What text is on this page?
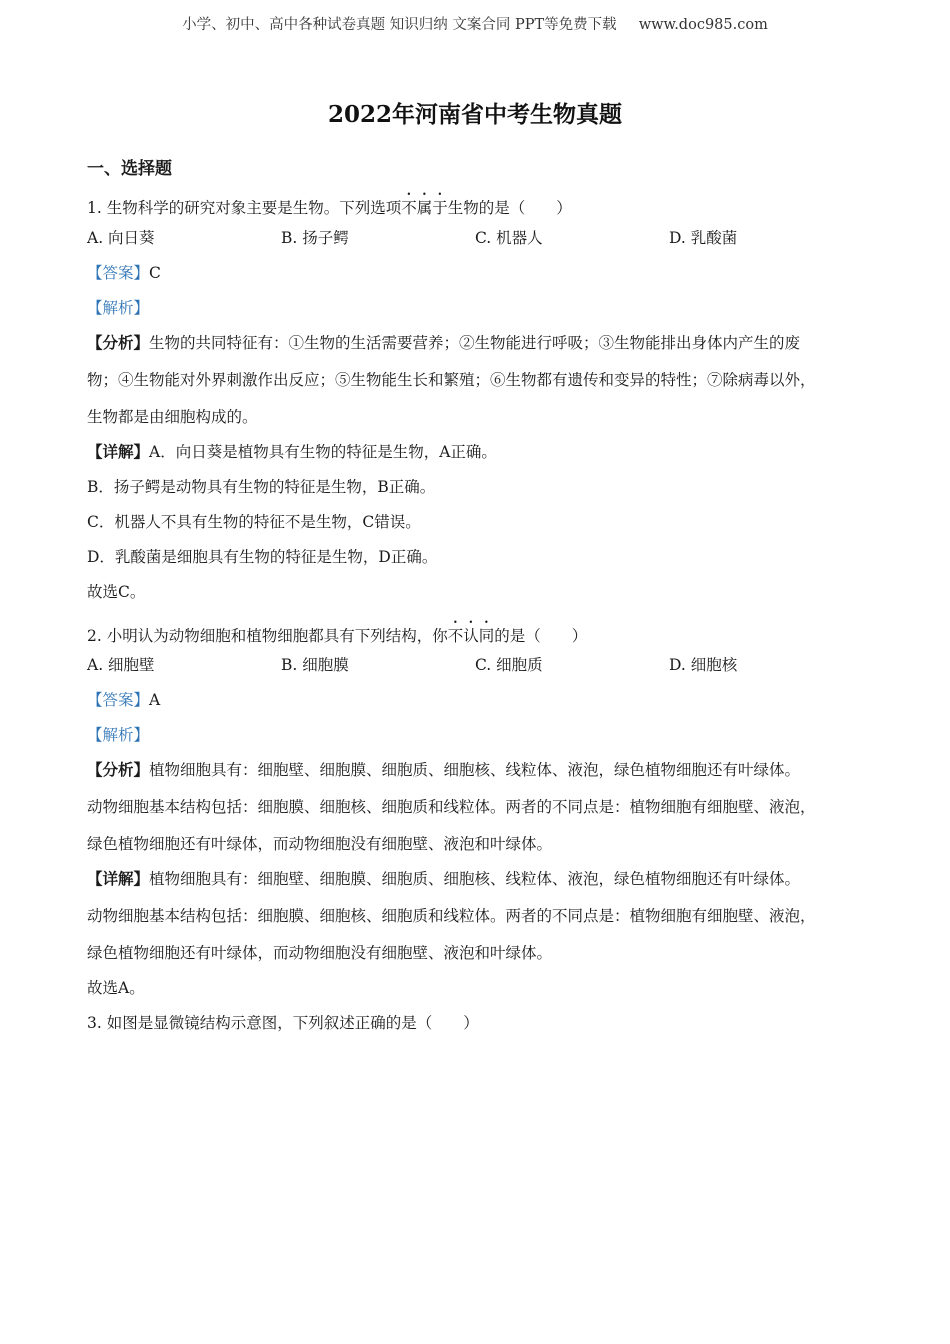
小学、初中、高中各种试卷真题 知识归纳 文案合同 PPT等免费下载 www.doc985.com
2022年河南省中考生物真题
一、选择题
1. 生物科学的研究对象主要是生物。下列选项不属于生物的是（　　）
A. 向日葵	B. 扬子鳄	C. 机器人	D. 乳酸菌
【答案】C
【解析】
【分析】生物的共同特征有：①生物的生活需要营养；②生物能进行呼吸；③生物能排出身体内产生的废
物；④生物能对外界刺激作出反应；⑤生物能生长和繁殖；⑥生物都有遗传和变异的特性；⑦除病毒以外，
生物都是由细胞构成的。
【详解】A．向日葵是植物具有生物的特征是生物，A正确。
B．扬子鳄是动物具有生物的特征是生物，B正确。
C．机器人不具有生物的特征不是生物，C错误。
D．乳酸菌是细胞具有生物的特征是生物，D正确。
故选C。
2. 小明认为动物细胞和植物细胞都具有下列结构，你不认同的是（　　）
A. 细胞壁	B. 细胞膜	C. 细胞质	D. 细胞核
【答案】A
【解析】
【分析】植物细胞具有：细胞壁、细胞膜、细胞质、细胞核、线粒体、液泡，绿色植物细胞还有叶绿体。
动物细胞基本结构包括：细胞膜、细胞核、细胞质和线粒体。两者的不同点是：植物细胞有细胞壁、液泡，
绿色植物细胞还有叶绿体，而动物细胞没有细胞壁、液泡和叶绿体。
【详解】植物细胞具有：细胞壁、细胞膜、细胞质、细胞核、线粒体、液泡，绿色植物细胞还有叶绿体。
动物细胞基本结构包括：细胞膜、细胞核、细胞质和线粒体。两者的不同点是：植物细胞有细胞壁、液泡，
绿色植物细胞还有叶绿体，而动物细胞没有细胞壁、液泡和叶绿体。
故选A。
3. 如图是显微镜结构示意图，下列叙述正确的是（　　）
